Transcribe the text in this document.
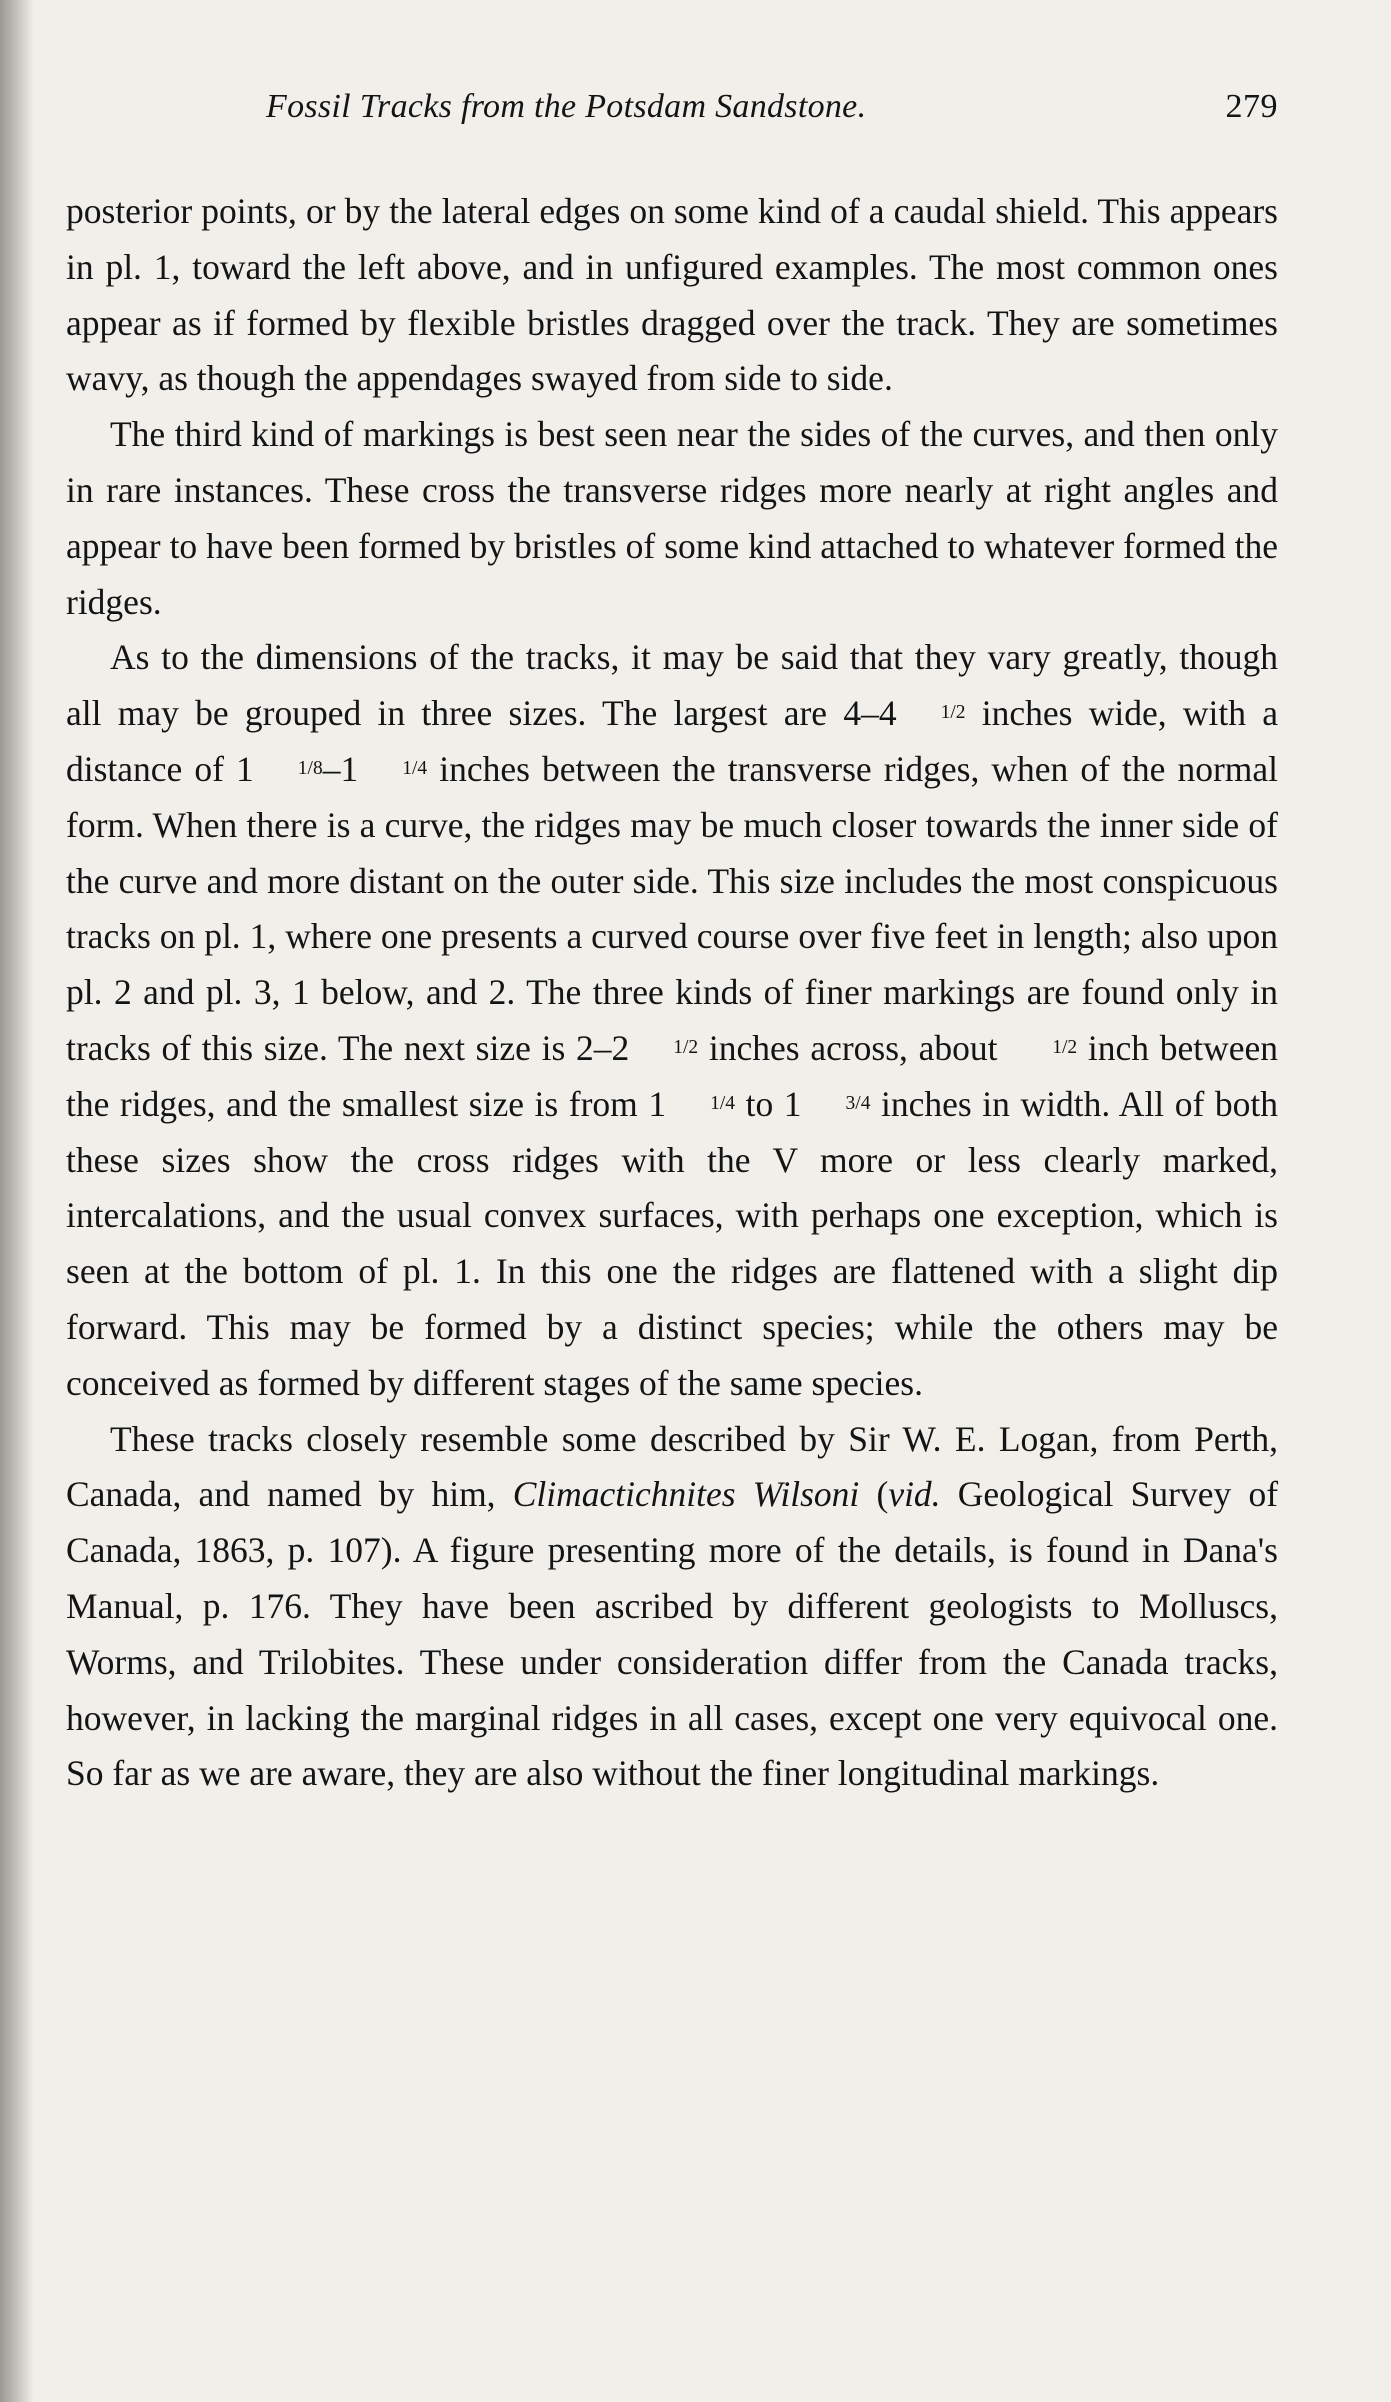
Fossil Tracks from the Potsdam Sandstone.	279

posterior points, or by the lateral edges on some kind of a caudal shield. This appears in pl. 1, toward the left above, and in unfigured examples. The most common ones appear as if formed by flexible bristles dragged over the track. They are sometimes wavy, as though the appendages swayed from side to side.

The third kind of markings is best seen near the sides of the curves, and then only in rare instances. These cross the transverse ridges more nearly at right angles and appear to have been formed by bristles of some kind attached to whatever formed the ridges.

As to the dimensions of the tracks, it may be said that they vary greatly, though all may be grouped in three sizes. The largest are 4–4 1/2 inches wide, with a distance of 1 1/8–1 1/4 inches between the transverse ridges, when of the normal form. When there is a curve, the ridges may be much closer towards the inner side of the curve and more distant on the outer side. This size includes the most conspicuous tracks on pl. 1, where one presents a curved course over five feet in length; also upon pl. 2 and pl. 3, 1 below, and 2. The three kinds of finer markings are found only in tracks of this size. The next size is 2–2 1/2 inches across, about 1/2 inch between the ridges, and the smallest size is from 1 1/4 to 1 3/4 inches in width. All of both these sizes show the cross ridges with the V more or less clearly marked, intercalations, and the usual convex surfaces, with perhaps one exception, which is seen at the bottom of pl. 1. In this one the ridges are flattened with a slight dip forward. This may be formed by a distinct species; while the others may be conceived as formed by different stages of the same species.

These tracks closely resemble some described by Sir W. E. Logan, from Perth, Canada, and named by him, Climactichnites Wilsoni (vid. Geological Survey of Canada, 1863, p. 107). A figure presenting more of the details, is found in Dana's Manual, p. 176. They have been ascribed by different geologists to Molluscs, Worms, and Trilobites. These under consideration differ from the Canada tracks, however, in lacking the marginal ridges in all cases, except one very equivocal one. So far as we are aware, they are also without the finer longitudinal markings.
